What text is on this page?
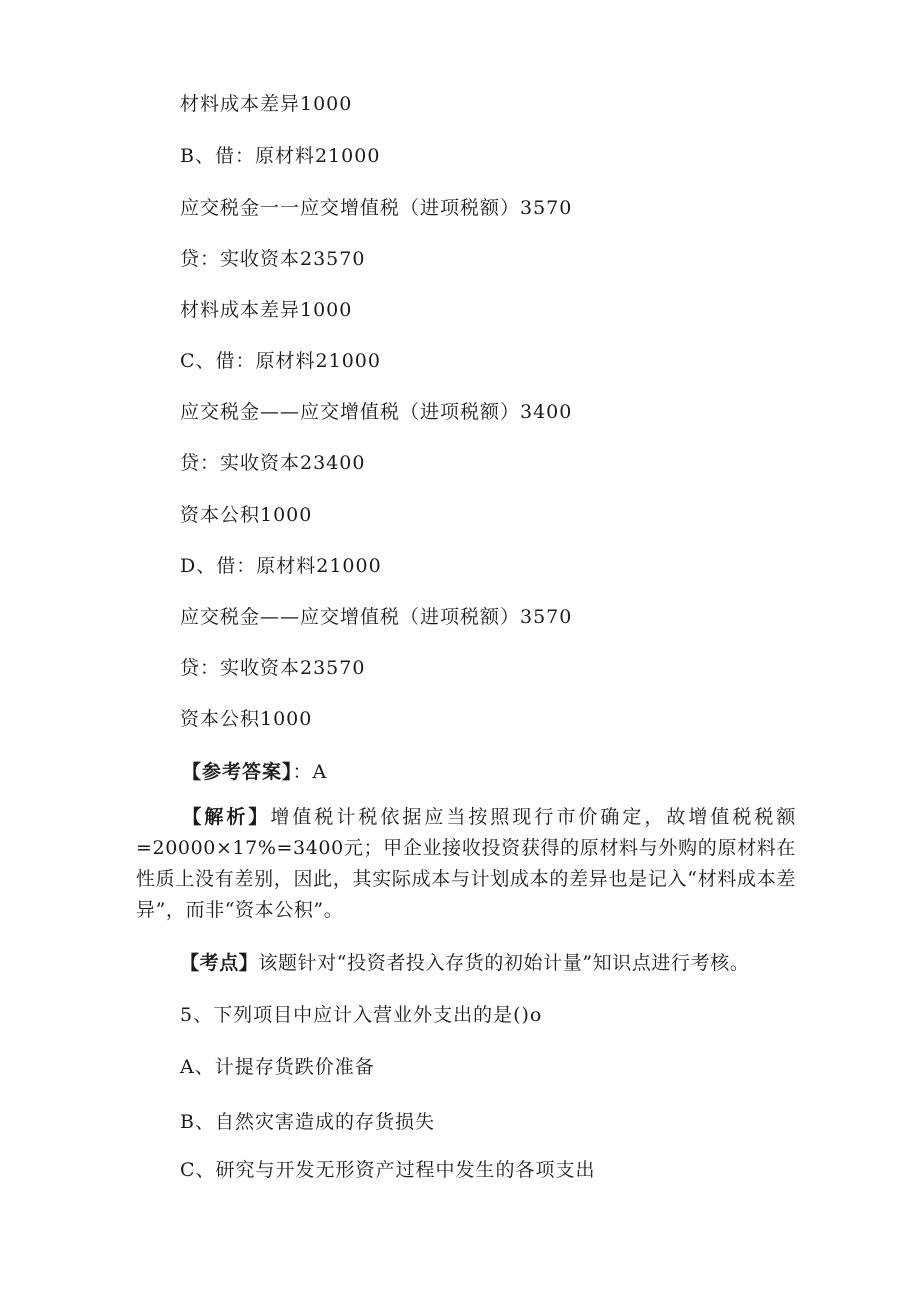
材料成本差异1000
B、借：原材料21000
应交税金一一应交增值税（进项税额）3570
贷：实收资本23570
材料成本差异1000
C、借：原材料21000
应交税金——应交增值税（进项税额）3400
贷：实收资本23400
资本公积1000
D、借：原材料21000
应交税金——应交增值税（进项税额）3570
贷：实收资本23570
资本公积1000
【参考答案】：A
【解析】增值税计税依据应当按照现行市价确定，故增值税税额=20000×17%=3400元；甲企业接收投资获得的原材料与外购的原材料在性质上没有差别，因此，其实际成本与计划成本的差异也是记入“材料成本差异”，而非“资本公积”。
【考点】该题针对“投资者投入存货的初始计量”知识点进行考核。
5、下列项目中应计入营业外支出的是()o
A、计提存货跌价准备
B、自然灾害造成的存货损失
C、研究与开发无形资产过程中发生的各项支出
